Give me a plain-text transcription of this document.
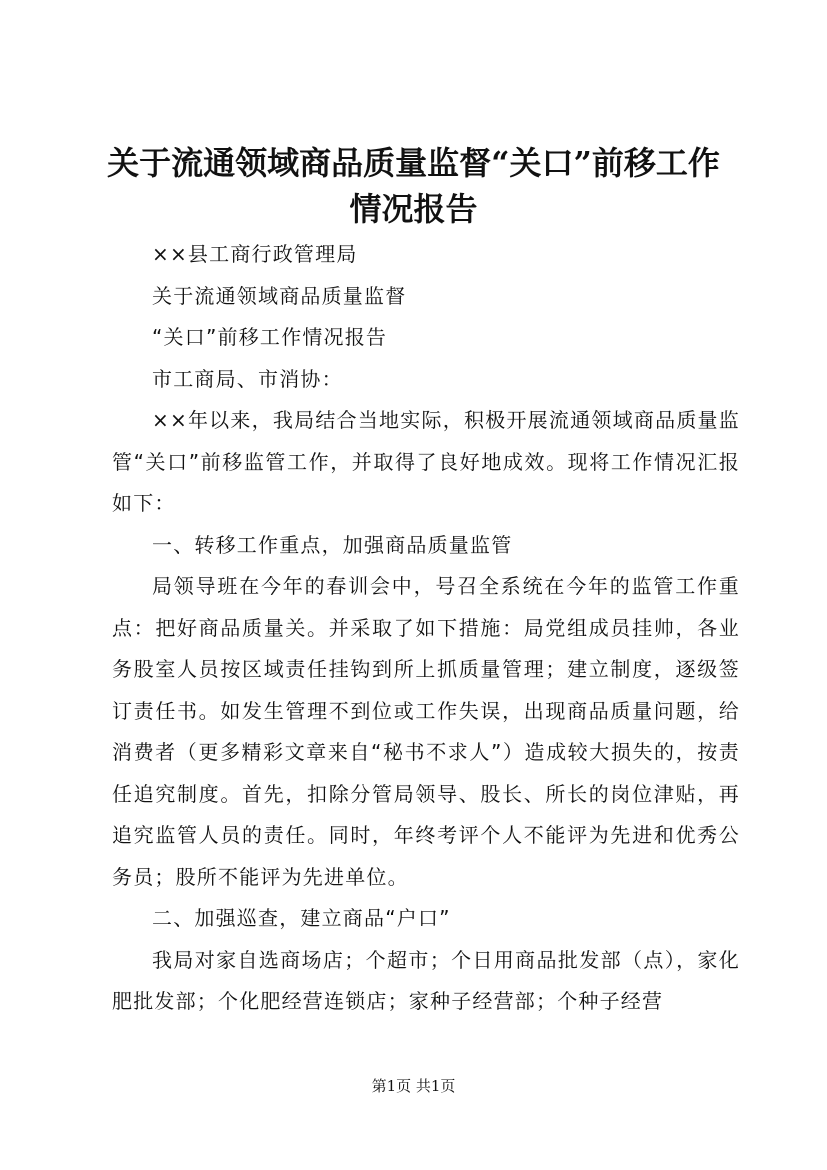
关于流通领域商品质量监督“关口”前移工作
情况报告

××县工商行政管理局

关于流通领域商品质量监督

“关口”前移工作情况报告

市工商局、市消协：

××年以来，我局结合当地实际，积极开展流通领域商品质量监管“关口”前移监管工作，并取得了良好地成效。现将工作情况汇报如下：

一、转移工作重点，加强商品质量监管

局领导班在今年的春训会中，号召全系统在今年的监管工作重点：把好商品质量关。并采取了如下措施：局党组成员挂帅，各业务股室人员按区域责任挂钩到所上抓质量管理；建立制度，逐级签订责任书。如发生管理不到位或工作失误，出现商品质量问题，给消费者（更多精彩文章来自“秘书不求人”）造成较大损失的，按责任追究制度。首先，扣除分管局领导、股长、所长的岗位津贴，再追究监管人员的责任。同时，年终考评个人不能评为先进和优秀公务员；股所不能评为先进单位。

二、加强巡查，建立商品“户口”

我局对家自选商场店；个超市；个日用商品批发部（点），家化肥批发部；个化肥经营连锁店；家种子经营部；个种子经营

第1页 共1页
